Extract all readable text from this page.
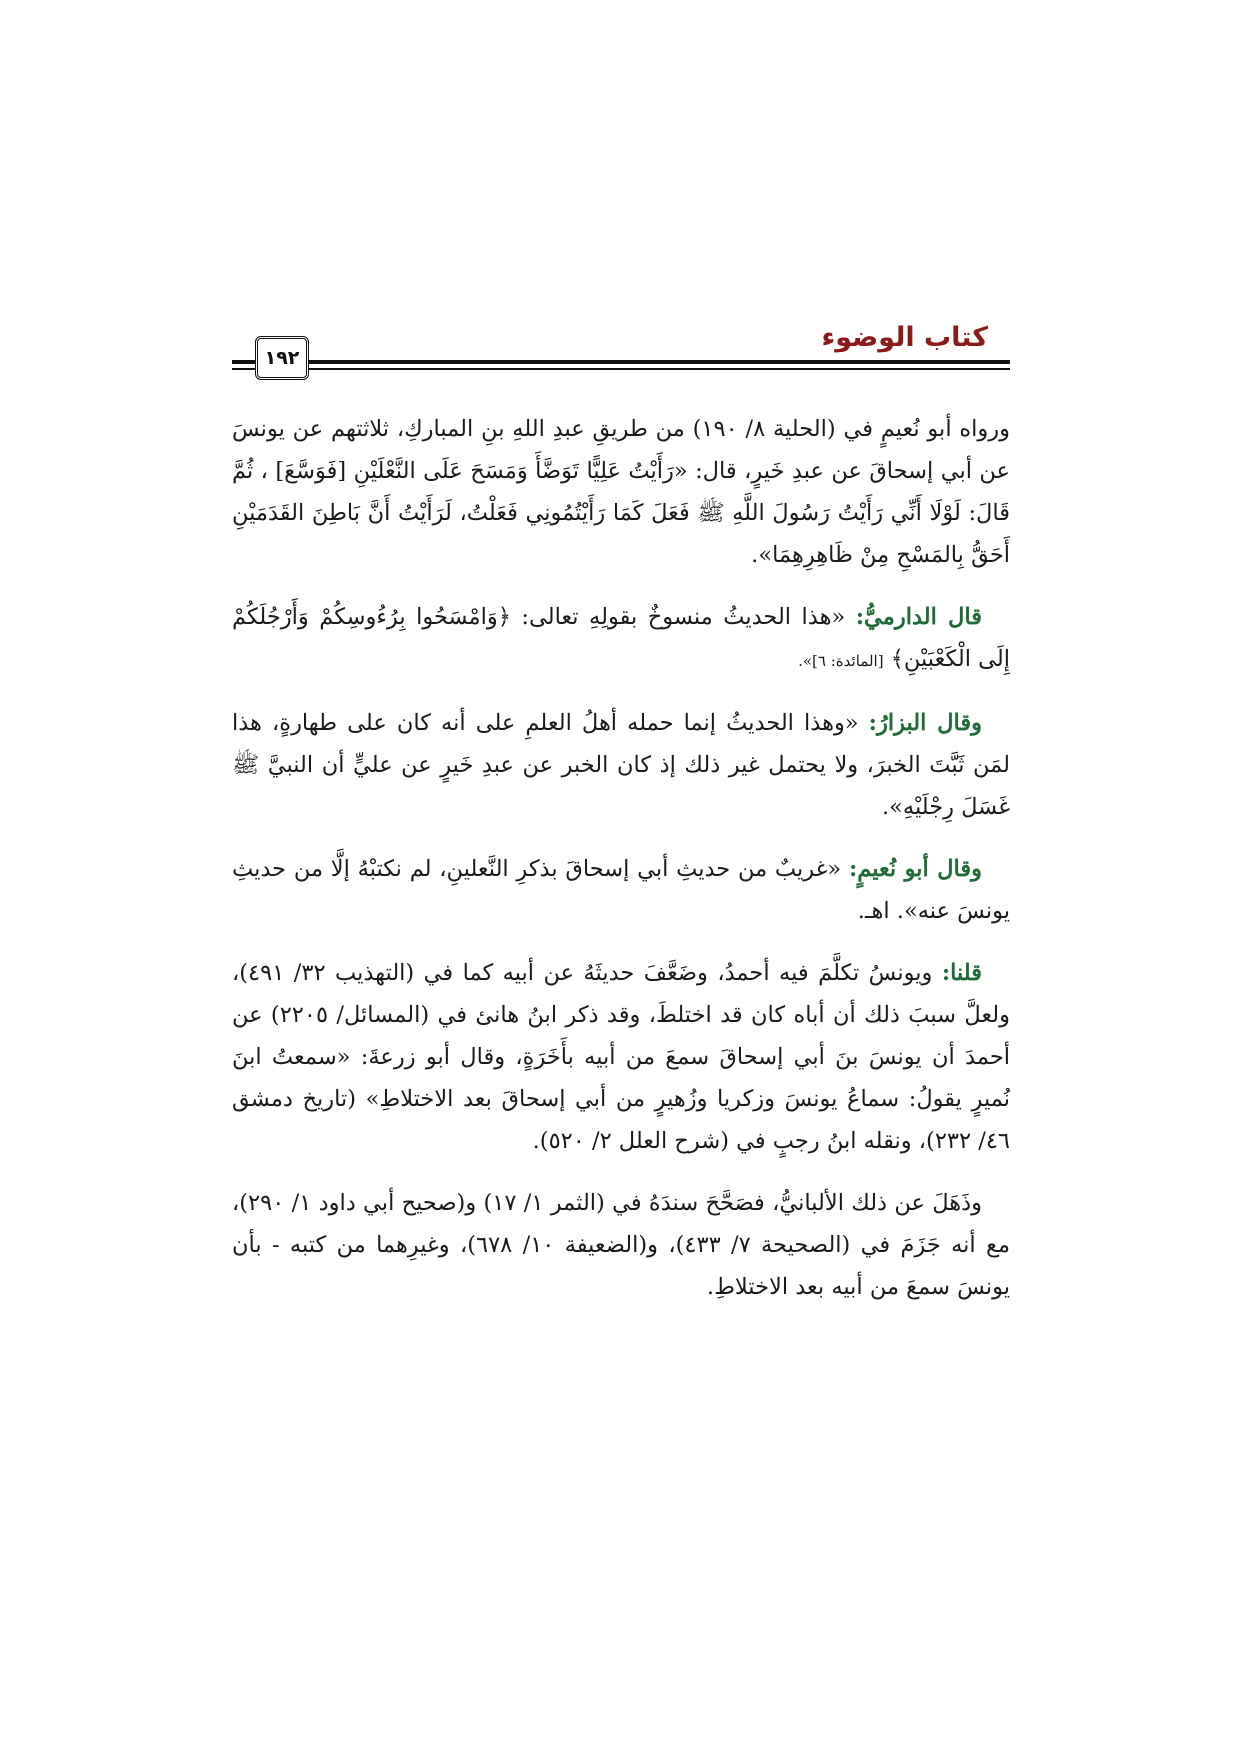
كتاب الوضوء
١٩٢

ورواه أبو نُعيمٍ في (الحلية ٨/ ١٩٠) من طريقِ عبدِ اللهِ بنِ المباركِ، ثلاثتهم عن يونسَ عن أبي إسحاقَ عن عبدِ خَيرٍ، قال: «رَأَيْتُ عَلِيًّا تَوَضَّأَ وَمَسَحَ عَلَى النَّعْلَيْنِ [فَوَسَّعَ] ، ثُمَّ قَالَ: لَوْلَا أَنِّي رَأَيْتُ رَسُولَ اللَّهِ ﷺ فَعَلَ كَمَا رَأَيْتُمُونِي فَعَلْتُ، لَرَأَيْتُ أَنَّ بَاطِنَ القَدَمَيْنِ أَحَقُّ بِالمَسْحِ مِنْ ظَاهِرِهِمَا».

قال الدارميُّ: «هذا الحديثُ منسوخٌ بقولِهِ تعالى: ﴿وَامْسَحُوا بِرُءُوسِكُمْ وَأَرْجُلَكُمْ إِلَى الْكَعْبَيْنِ﴾ [المائدة: ٦]».

وقال البزارُ: «وهذا الحديثُ إنما حمله أهلُ العلمِ على أنه كان على طهارةٍ، هذا لمَن ثَبَّتَ الخبرَ، ولا يحتمل غير ذلك إذ كان الخبر عن عبدِ خَيرٍ عن عليٍّ أن النبيَّ ﷺ غَسَلَ رِجْلَيْهِ».

وقال أبو نُعيمٍ: «غريبٌ من حديثِ أبي إسحاقَ بذكرِ النَّعلينِ، لم نكتبْهُ إلَّا من حديثِ يونسَ عنه». اهـ.

قلنا: ويونسُ تكلَّمَ فيه أحمدُ، وضَعَّفَ حديثَهُ عن أبيه كما في (التهذيب ٣٢/ ٤٩١)، ولعلَّ سببَ ذلك أن أباه كان قد اختلطَ، وقد ذكر ابنُ هانئ في (المسائل/ ٢٢٠٥) عن أحمدَ أن يونسَ بنَ أبي إسحاقَ سمعَ من أبيه بأَخَرَةٍ، وقال أبو زرعةَ: «سمعتُ ابنَ نُميرٍ يقولُ: سماعُ يونسَ وزكريا وزُهيرٍ من أبي إسحاقَ بعد الاختلاطِ» (تاريخ دمشق ٤٦/ ٢٣٢)، ونقله ابنُ رجبٍ في (شرح العلل ٢/ ٥٢٠).

وذَهَلَ عن ذلك الألبانيُّ، فصَحَّحَ سندَهُ في (الثمر ١/ ١٧) و(صحيح أبي داود ١/ ٢٩٠)، مع أنه جَزَمَ في (الصحيحة ٧/ ٤٣٣)، و(الضعيفة ١٠/ ٦٧٨)، وغيرِهما من كتبه - بأن يونسَ سمعَ من أبيه بعد الاختلاطِ.
